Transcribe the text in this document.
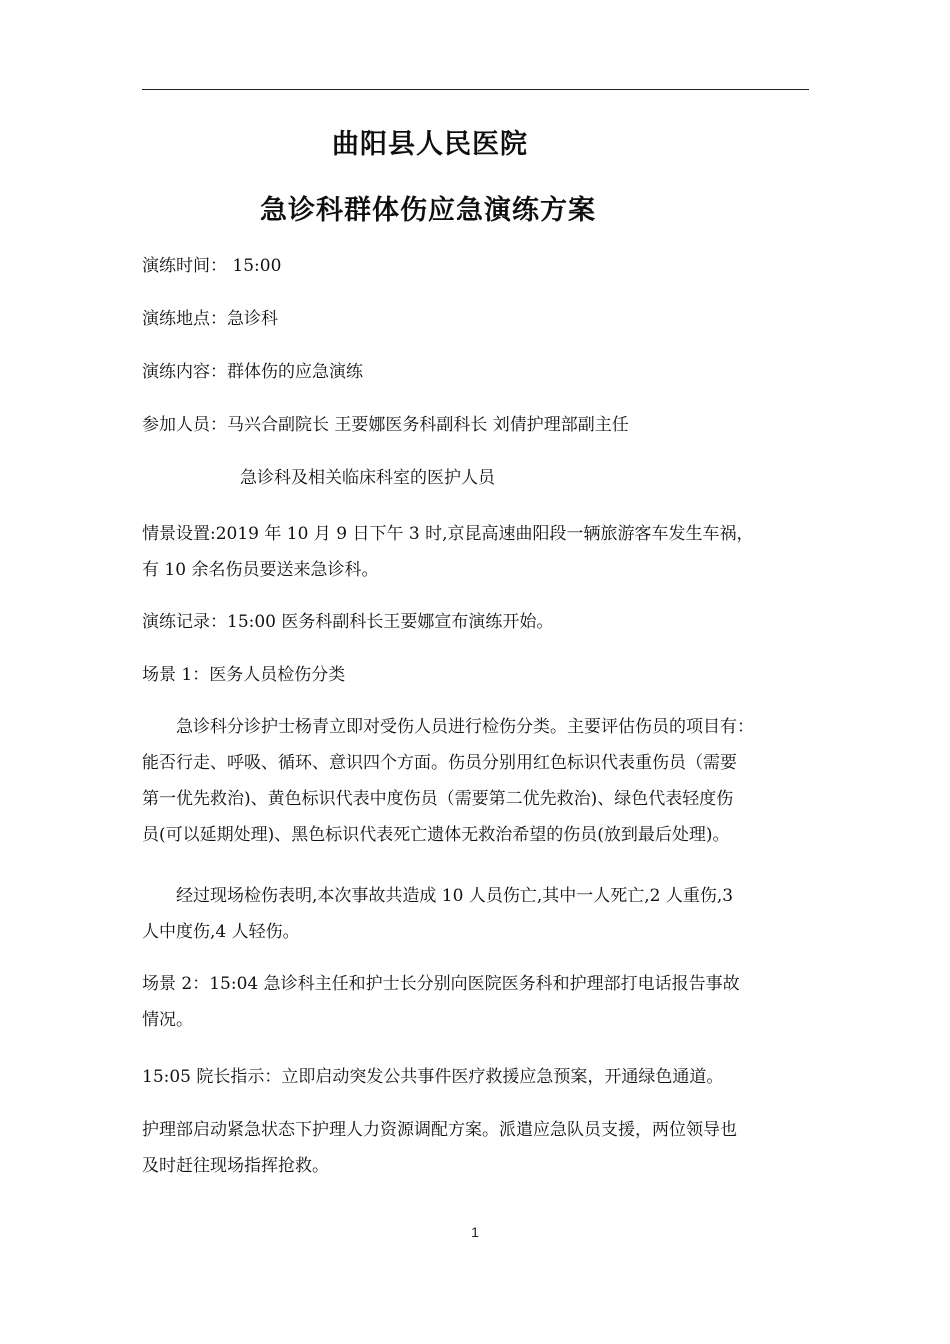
曲阳县人民医院
急诊科群体伤应急演练方案
演练时间： 15:00
演练地点：急诊科
演练内容：群体伤的应急演练
参加人员：马兴合副院长 王要娜医务科副科长 刘倩护理部副主任
急诊科及相关临床科室的医护人员

情景设置:2019 年 10 月 9 日下午 3 时,京昆高速曲阳段一辆旅游客车发生车祸，

有 10 余名伤员要送来急诊科。

演练记录：15:00 医务科副科长王要娜宣布演练开始。
场景 1：医务人员检伤分类

急诊科分诊护士杨青立即对受伤人员进行检伤分类。主要评估伤员的项目有：

能否行走、呼吸、循环、意识四个方面。伤员分别用红色标识代表重伤员（需要

第一优先救治)、黄色标识代表中度伤员（需要第二优先救治)、绿色代表轻度伤

员(可以延期处理)、黑色标识代表死亡遗体无救治希望的伤员(放到最后处理)。

经过现场检伤表明,本次事故共造成 10 人员伤亡,其中一人死亡,2 人重伤,3

人中度伤,4 人轻伤。

场景 2：15:04 急诊科主任和护士长分别向医院医务科和护理部打电话报告事故

情况。

15:05 院长指示：立即启动突发公共事件医疗救援应急预案，开通绿色通道。

护理部启动紧急状态下护理人力资源调配方案。派遣应急队员支援，两位领导也

及时赶往现场指挥抢救。

1
